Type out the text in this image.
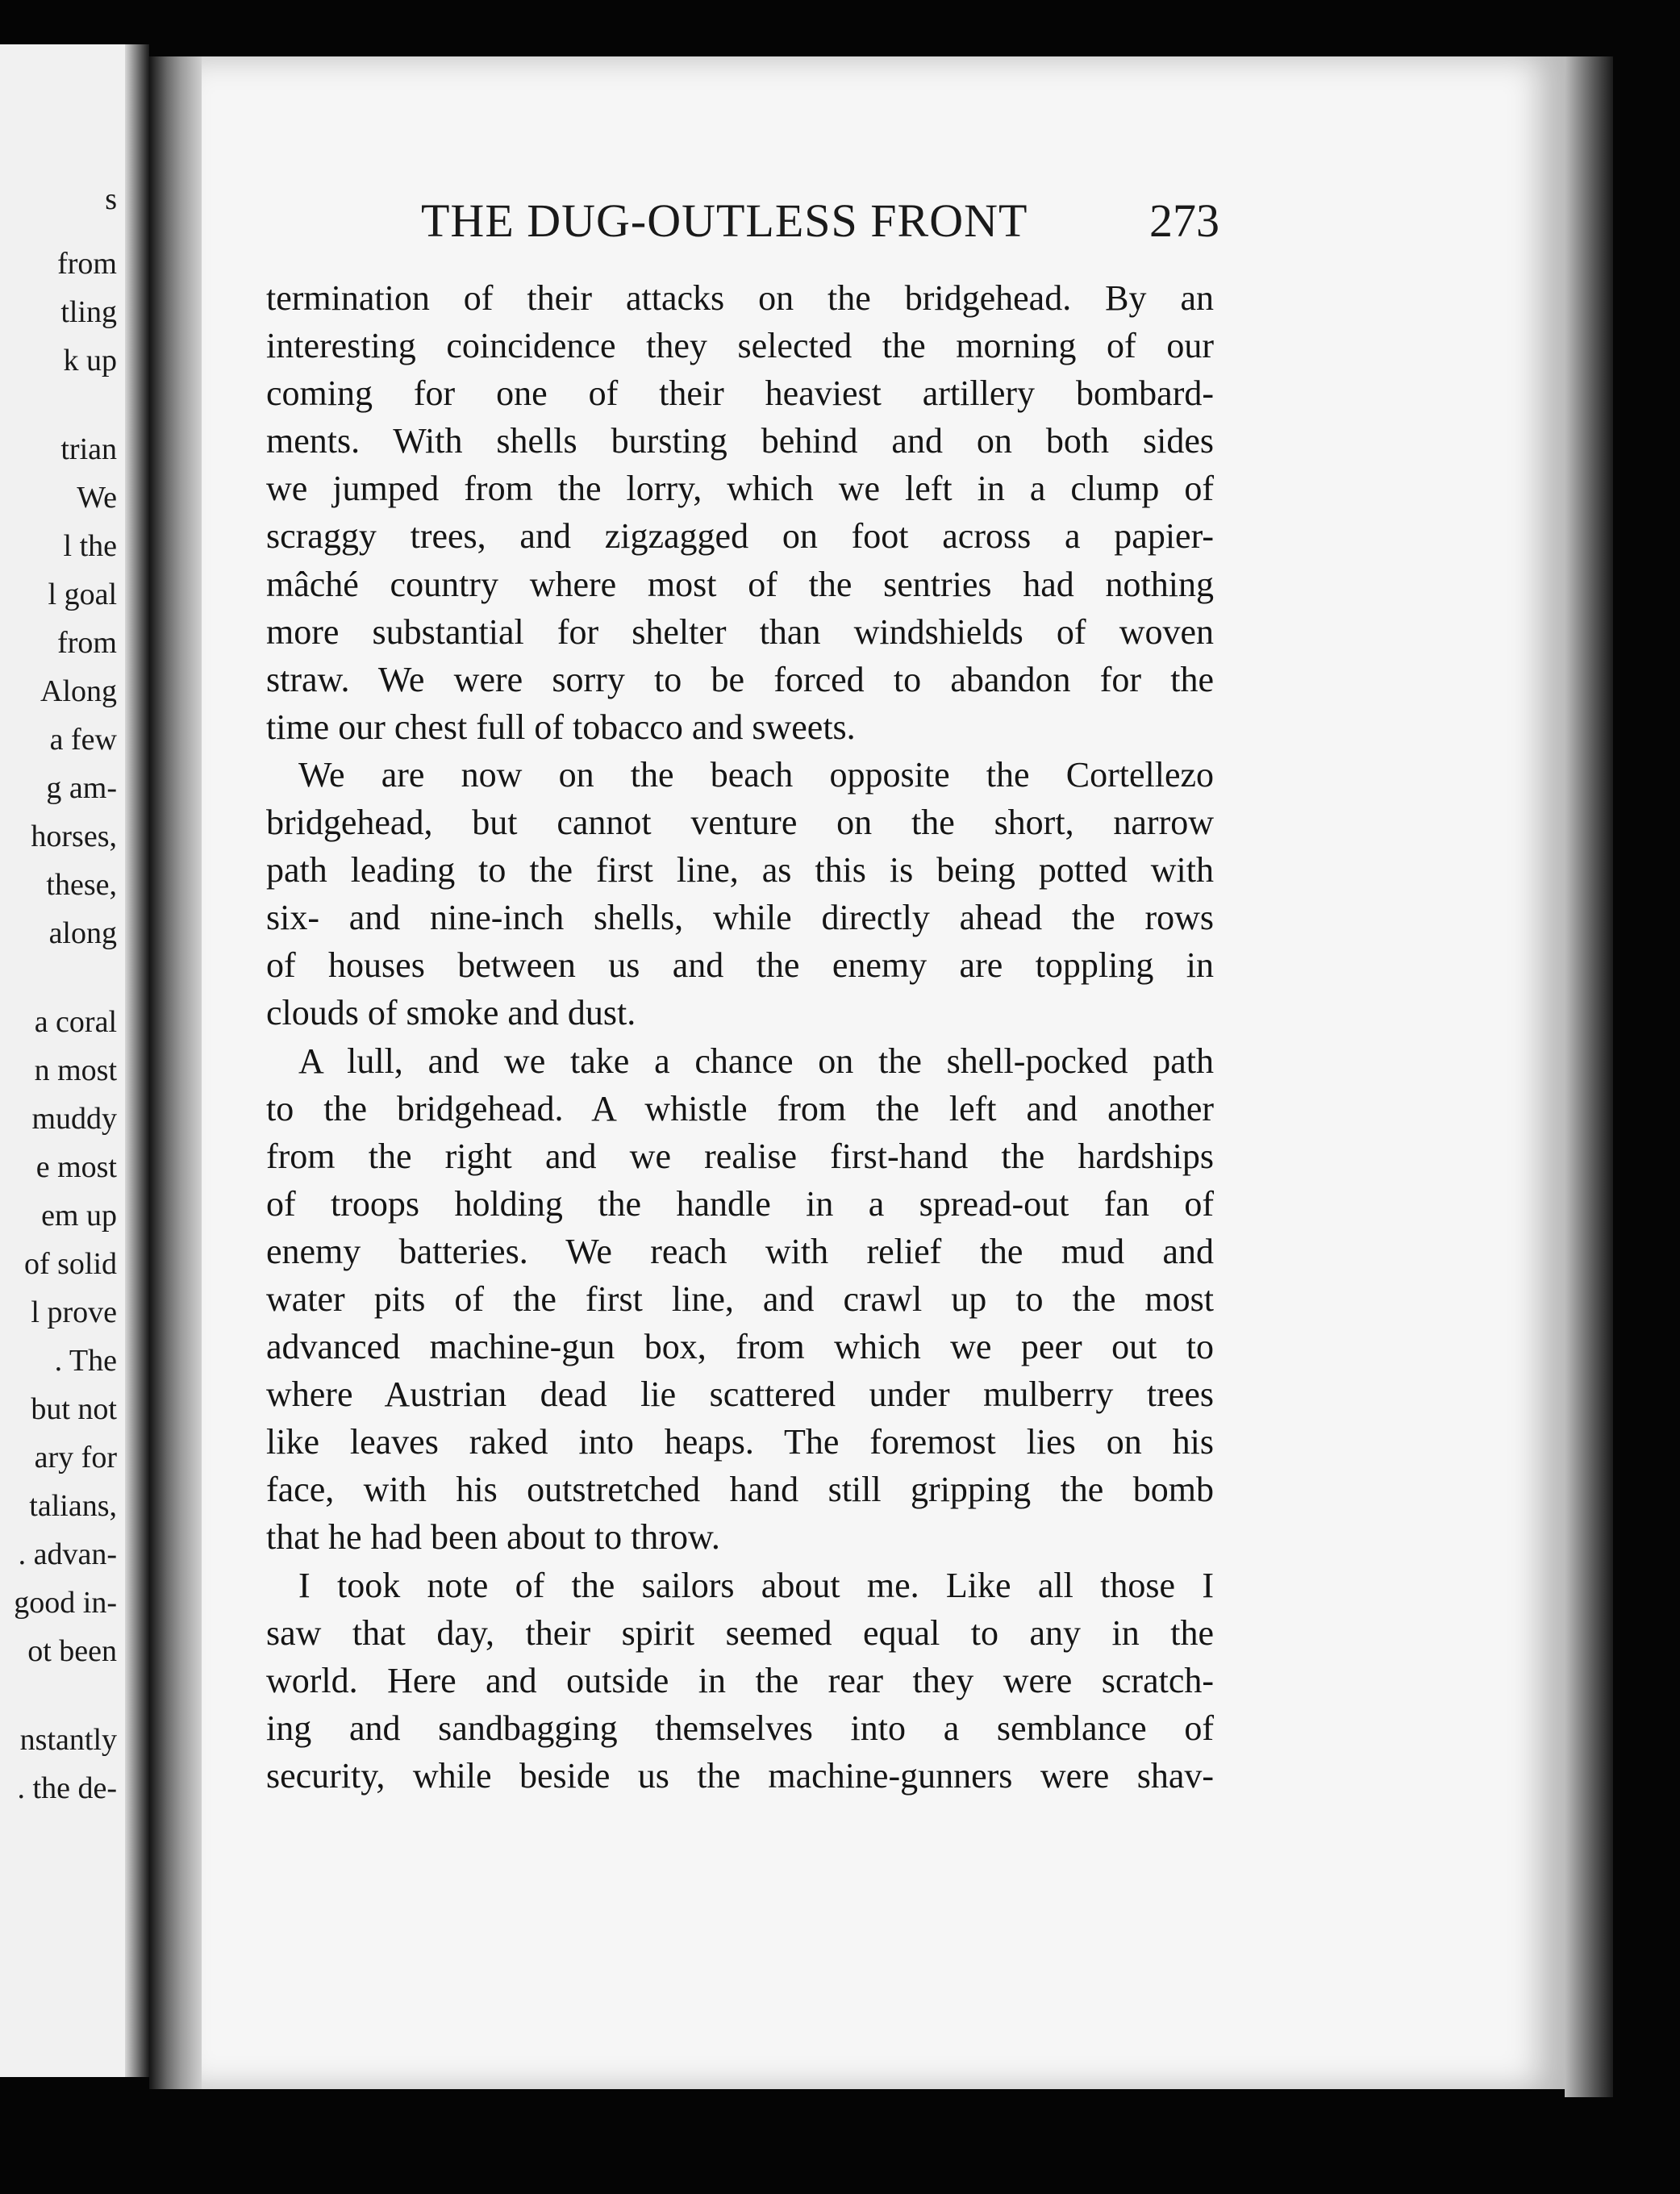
s
from
tling
k up
trian
We
l the
l goal
from
Along
a few
g am-
horses,
these,
along
a coral
n most
muddy
e most
em up
of solid
l prove
. The
but not
ary for
talians,
. advan-
good in-
ot been
nstantly
. the de-
THE DUG-OUTLESS FRONT	273
termination of their attacks on the bridgehead. By an
interesting coincidence they selected the morning of our
coming for one of their heaviest artillery bombard-
ments. With shells bursting behind and on both sides
we jumped from the lorry, which we left in a clump of
scraggy trees, and zigzagged on foot across a papier-
mâché country where most of the sentries had nothing
more substantial for shelter than windshields of woven
straw. We were sorry to be forced to abandon for the
time our chest full of tobacco and sweets.
We are now on the beach opposite the Cortellezo
bridgehead, but cannot venture on the short, narrow
path leading to the first line, as this is being potted with
six- and nine-inch shells, while directly ahead the rows
of houses between us and the enemy are toppling in
clouds of smoke and dust.
A lull, and we take a chance on the shell-pocked path
to the bridgehead. A whistle from the left and another
from the right and we realise first-hand the hardships
of troops holding the handle in a spread-out fan of
enemy batteries. We reach with relief the mud and
water pits of the first line, and crawl up to the most
advanced machine-gun box, from which we peer out to
where Austrian dead lie scattered under mulberry trees
like leaves raked into heaps. The foremost lies on his
face, with his outstretched hand still gripping the bomb
that he had been about to throw.
I took note of the sailors about me. Like all those I
saw that day, their spirit seemed equal to any in the
world. Here and outside in the rear they were scratch-
ing and sandbagging themselves into a semblance of
security, while beside us the machine-gunners were shav-
